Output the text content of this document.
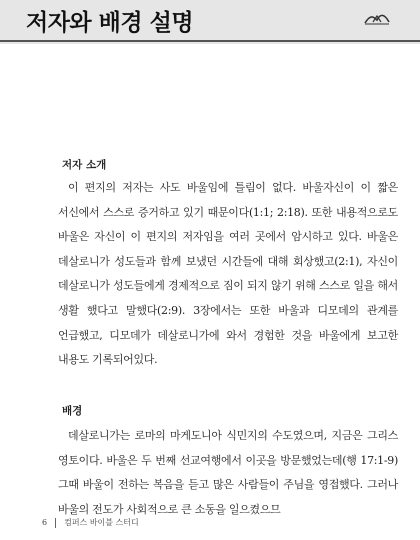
저자와 배경 설명
저자 소개
이 편지의 저자는 사도 바울임에 틀림이 없다. 바울자신이 이 짧은 서신에서 스스로 증거하고 있기 때문이다(1:1; 2:18). 또한 내용적으로도 바울은 자신이 이 편지의 저자임을 여러 곳에서 암시하고 있다. 바울은 데살로니가 성도들과 함께 보냈던 시간들에 대해 회상했고(2:1), 자신이 데살로니가 성도들에게 경제적으로 짐이 되지 않기 위해 스스로 일을 해서 생활 했다고 말했다(2:9). 3장에서는 또한 바울과 디모데의 관계를 언급했고, 디모데가 데살로니가에 와서 경험한 것을 바울에게 보고한 내용도 기록되어있다.
배경
데살로니가는 로마의 마게도니아 식민지의 수도였으며, 지금은 그리스 영토이다. 바울은 두 번째 선교여행에서 이곳을 방문했었는데(행 17:1-9) 그때 바울이 전하는 복음을 듣고 많은 사람들이 주님을 영접했다. 그러나 바울의 전도가 사회적으로 큰 소동을 일으켰으므
6 컴퍼스 바이블 스터디
